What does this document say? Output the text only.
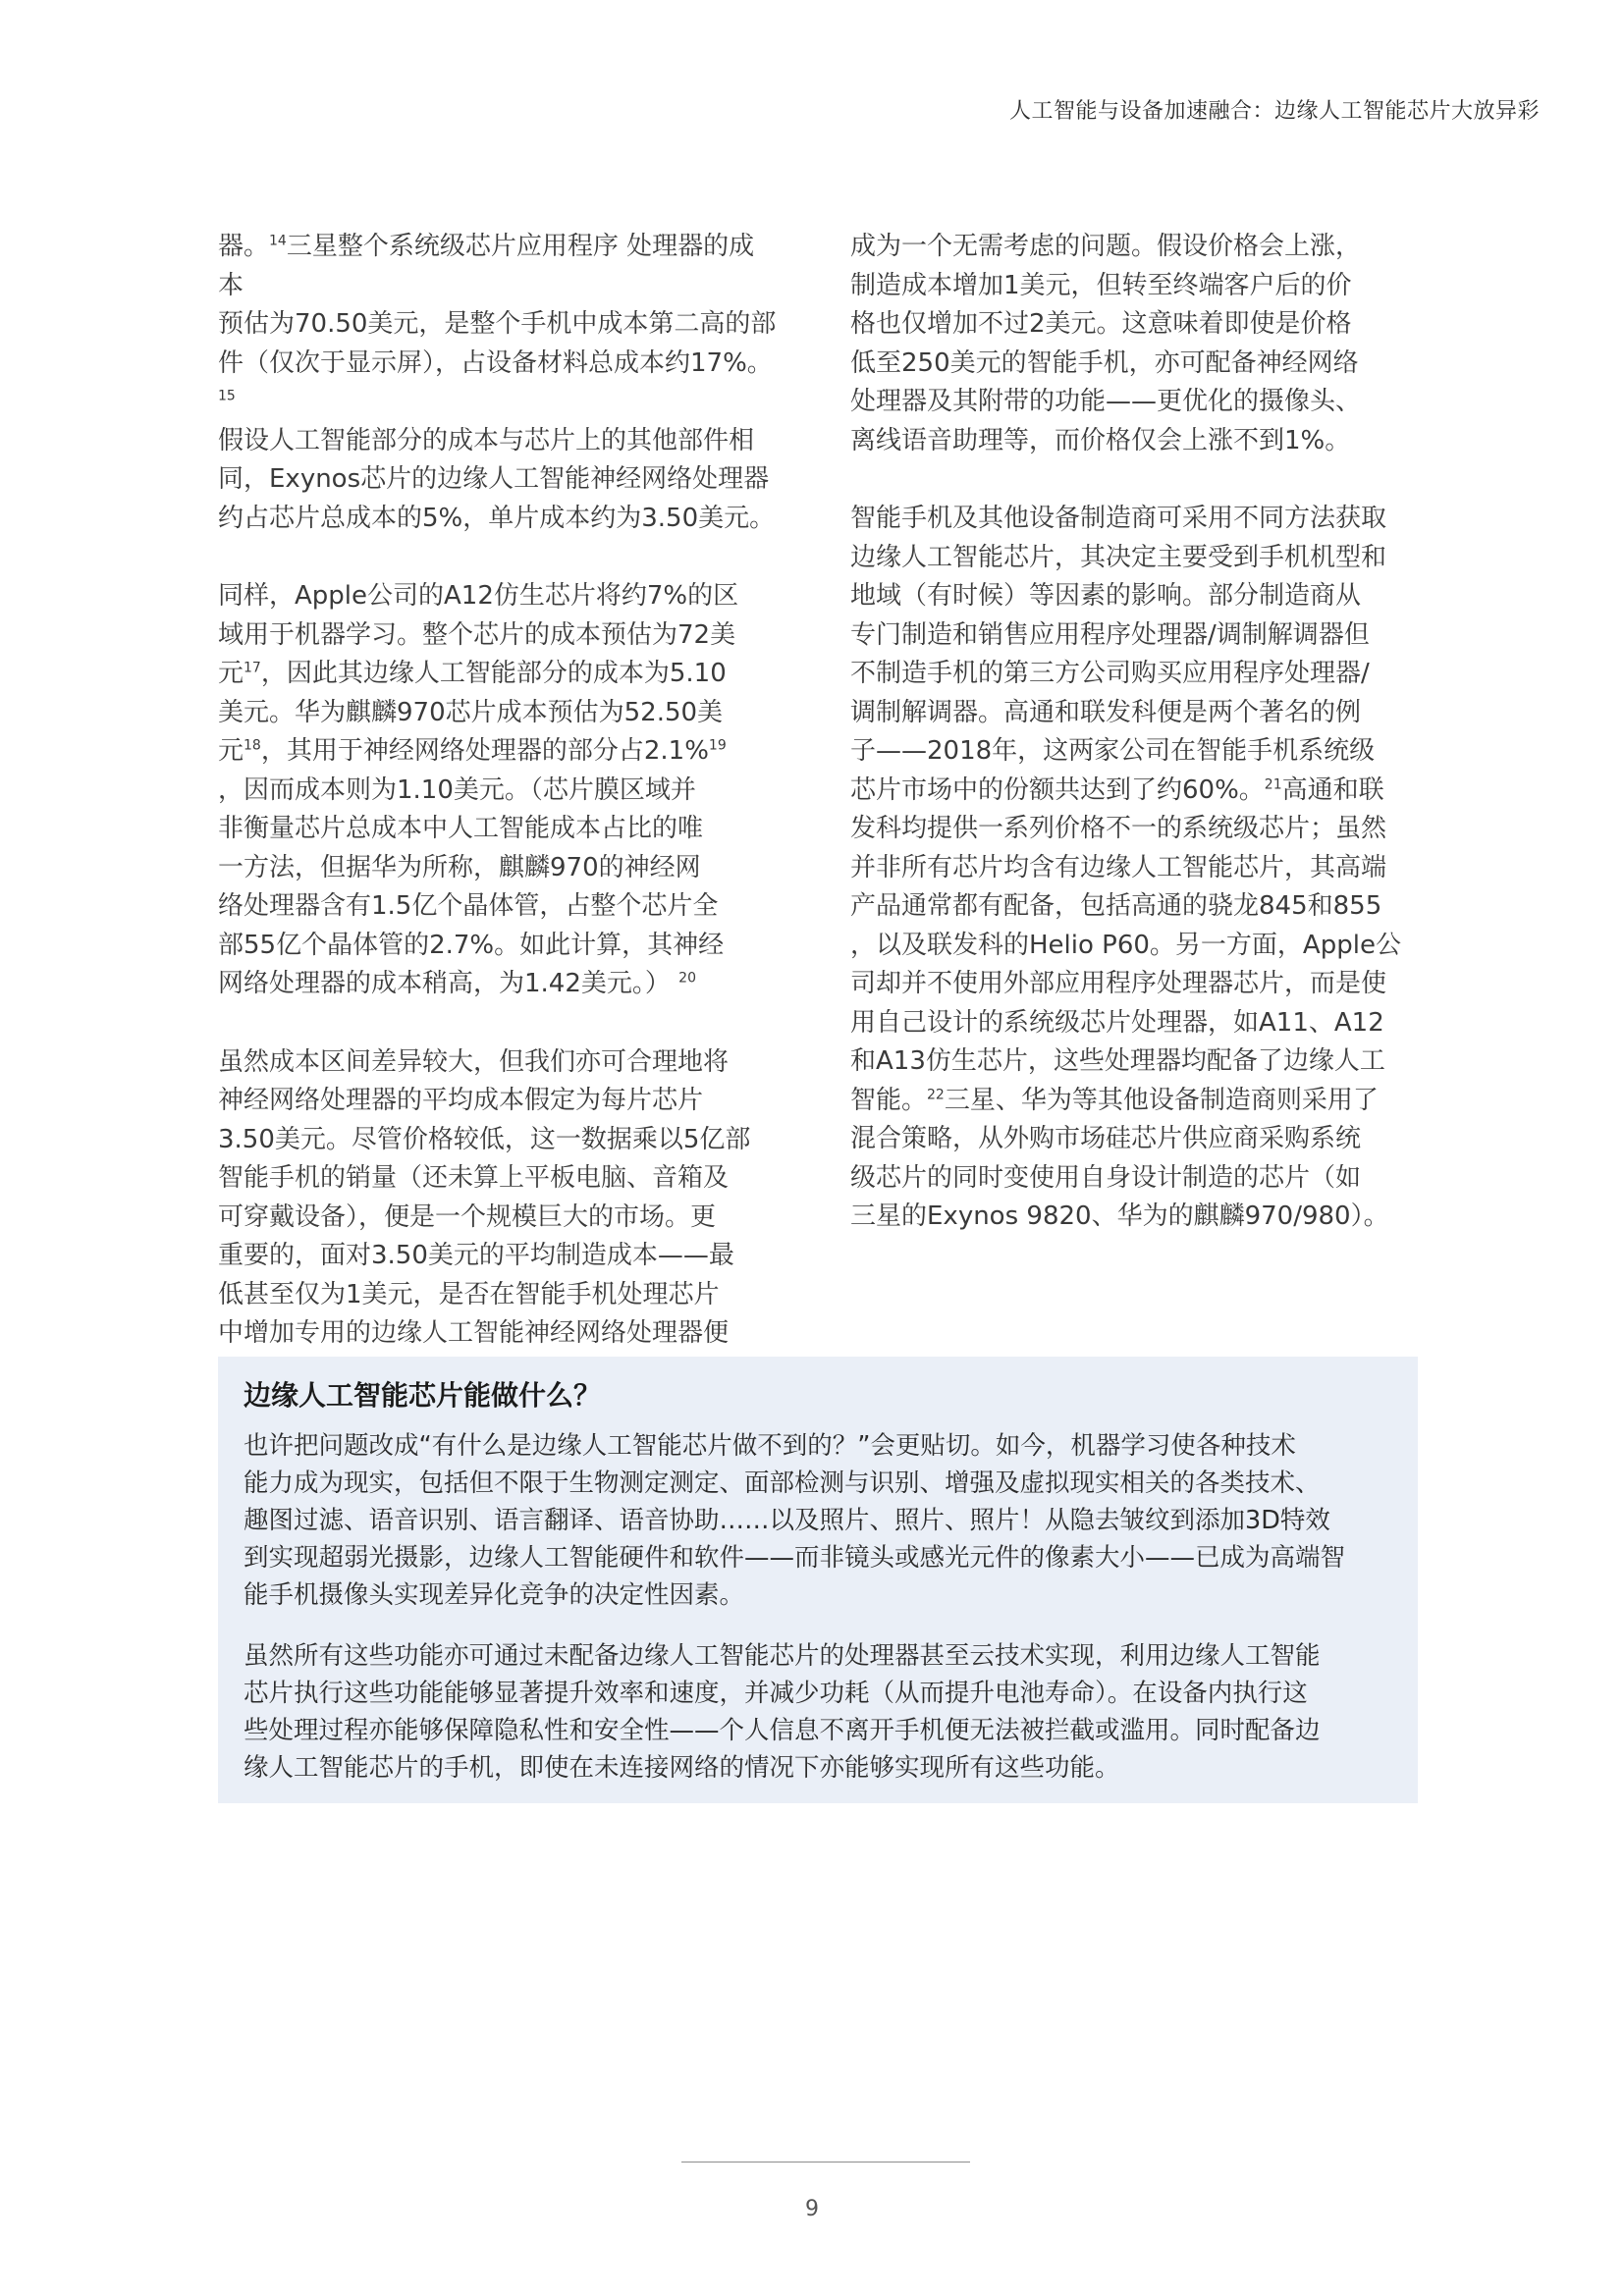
人工智能与设备加速融合：边缘人工智能芯片大放异彩

器。$^{14}$三星整个系统级芯片应用程序 处理器的成本
预估为70.50美元，是整个手机中成本第二高的部
件（仅次于显示屏），占设备材料总成本约17%。$^{15}$
假设人工智能部分的成本与芯片上的其他部件相
同，Exynos芯片的边缘人工智能神经网络处理器
约占芯片总成本的5%，单片成本约为3.50美元。

同样，Apple公司的A12仿生芯片将约7%的区
域用于机器学习。整个芯片的成本预估为72美
元$^{17}$，因此其边缘人工智能部分的成本为5.10
美元。华为麒麟970芯片成本预估为52.50美
元$^{18}$，其用于神经网络处理器的部分占2.1%$^{19}$
，因而成本则为1.10美元。（芯片膜区域并
非衡量芯片总成本中人工智能成本占比的唯
一方法，但据华为所称，麒麟970的神经网
络处理器含有1.5亿个晶体管，占整个芯片全
部55亿个晶体管的2.7%。如此计算，其神经
网络处理器的成本稍高，为1.42美元。） $^{20}$

虽然成本区间差异较大，但我们亦可合理地将
神经网络处理器的平均成本假定为每片芯片
3.50美元。尽管价格较低，这一数据乘以5亿部
智能手机的销量（还未算上平板电脑、音箱及
可穿戴设备），便是一个规模巨大的市场。更
重要的，面对3.50美元的平均制造成本——最
低甚至仅为1美元，是否在智能手机处理芯片
中增加专用的边缘人工智能神经网络处理器便

成为一个无需考虑的问题。假设价格会上涨，
制造成本增加1美元，但转至终端客户后的价
格也仅增加不过2美元。这意味着即使是价格
低至250美元的智能手机，亦可配备神经网络
处理器及其附带的功能——更优化的摄像头、
离线语音助理等，而价格仅会上涨不到1%。

智能手机及其他设备制造商可采用不同方法获取
边缘人工智能芯片，其决定主要受到手机机型和
地域（有时候）等因素的影响。部分制造商从
专门制造和销售应用程序处理器/调制解调器但
不制造手机的第三方公司购买应用程序处理器/
调制解调器。高通和联发科便是两个著名的例
子——2018年，这两家公司在智能手机系统级
芯片市场中的份额共达到了约60%。$^{21}$高通和联
发科均提供一系列价格不一的系统级芯片；虽然
并非所有芯片均含有边缘人工智能芯片，其高端
产品通常都有配备，包括高通的骁龙845和855
，以及联发科的Helio P60。另一方面，Apple公
司却并不使用外部应用程序处理器芯片，而是使
用自己设计的系统级芯片处理器，如A11、A12
和A13仿生芯片，这些处理器均配备了边缘人工
智能。$^{22}$三星、华为等其他设备制造商则采用了
混合策略，从外购市场硅芯片供应商采购系统
级芯片的同时变使用自身设计制造的芯片（如
三星的Exynos 9820、华为的麒麟970/980）。

边缘人工智能芯片能做什么？

也许把问题改成“有什么是边缘人工智能芯片做不到的？”会更贴切。如今，机器学习使各种技术
能力成为现实，包括但不限于生物测定测定、面部检测与识别、增强及虚拟现实相关的各类技术、
趣图过滤、语音识别、语言翻译、语音协助……以及照片、照片、照片！从隐去皱纹到添加3D特效
到实现超弱光摄影，边缘人工智能硬件和软件——而非镜头或感光元件的像素大小——已成为高端智
能手机摄像头实现差异化竞争的决定性因素。

虽然所有这些功能亦可通过未配备边缘人工智能芯片的处理器甚至云技术实现，利用边缘人工智能
芯片执行这些功能能够显著提升效率和速度，并减少功耗（从而提升电池寿命）。在设备内执行这
些处理过程亦能够保障隐私性和安全性——个人信息不离开手机便无法被拦截或滥用。同时配备边
缘人工智能芯片的手机，即使在未连接网络的情况下亦能够实现所有这些功能。

9
